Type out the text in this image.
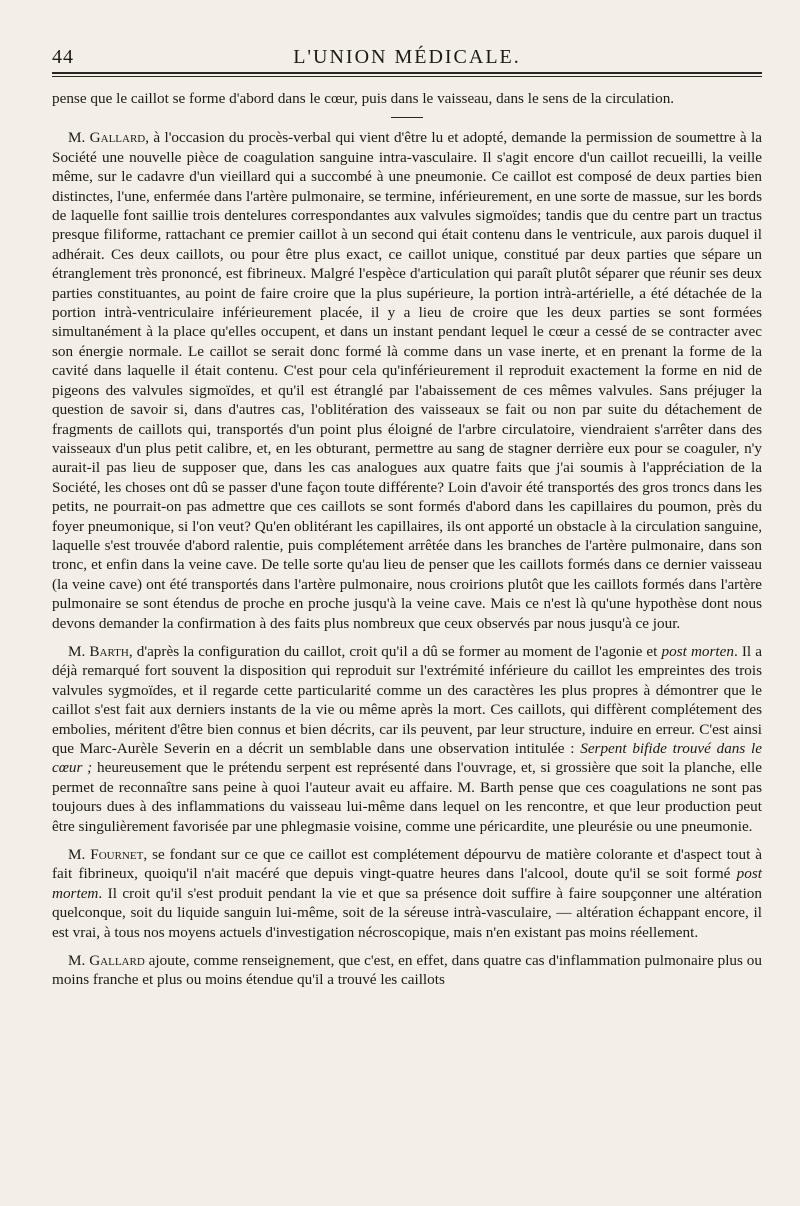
44	L'UNION MÉDICALE.

pense que le caillot se forme d'abord dans le cœur, puis dans le vaisseau, dans le sens de la circulation.

M. Gallard, à l'occasion du procès-verbal qui vient d'être lu et adopté, demande la permission de soumettre à la Société une nouvelle pièce de coagulation sanguine intra-vasculaire. Il s'agit encore d'un caillot recueilli, la veille même, sur le cadavre d'un vieillard qui a succombé à une pneumonie. Ce caillot est composé de deux parties bien distinctes, l'une, enfermée dans l'artère pulmonaire, se termine, inférieurement, en une sorte de massue, sur les bords de laquelle font saillie trois dentelures correspondantes aux valvules sigmoïdes; tandis que du centre part un tractus presque filiforme, rattachant ce premier caillot à un second qui était contenu dans le ventricule, aux parois duquel il adhérait. Ces deux caillots, ou pour être plus exact, ce caillot unique, constitué par deux parties que sépare un étranglement très prononcé, est fibrineux. Malgré l'espèce d'articulation qui paraît plutôt séparer que réunir ses deux parties constituantes, au point de faire croire que la plus supérieure, la portion intrà-artérielle, a été détachée de la portion intrà-ventriculaire inférieurement placée, il y a lieu de croire que les deux parties se sont formées simultanément à la place qu'elles occupent, et dans un instant pendant lequel le cœur a cessé de se contracter avec son énergie normale. Le caillot se serait donc formé là comme dans un vase inerte, et en prenant la forme de la cavité dans laquelle il était contenu. C'est pour cela qu'inférieurement il reproduit exactement la forme en nid de pigeons des valvules sigmoïdes, et qu'il est étranglé par l'abaissement de ces mêmes valvules. Sans préjuger la question de savoir si, dans d'autres cas, l'oblitération des vaisseaux se fait ou non par suite du détachement de fragments de caillots qui, transportés d'un point plus éloigné de l'arbre circulatoire, viendraient s'arrêter dans des vaisseaux d'un plus petit calibre, et, en les obturant, permettre au sang de stagner derrière eux pour se coaguler, n'y aurait-il pas lieu de supposer que, dans les cas analogues aux quatre faits que j'ai soumis à l'appréciation de la Société, les choses ont dû se passer d'une façon toute différente? Loin d'avoir été transportés des gros troncs dans les petits, ne pourrait-on pas admettre que ces caillots se sont formés d'abord dans les capillaires du poumon, près du foyer pneumonique, si l'on veut? Qu'en oblitérant les capillaires, ils ont apporté un obstacle à la circulation sanguine, laquelle s'est trouvée d'abord ralentie, puis complétement arrêtée dans les branches de l'artère pulmonaire, dans son tronc, et enfin dans la veine cave. De telle sorte qu'au lieu de penser que les caillots formés dans ce dernier vaisseau (la veine cave) ont été transportés dans l'artère pulmonaire, nous croirions plutôt que les caillots formés dans l'artère pulmonaire se sont étendus de proche en proche jusqu'à la veine cave. Mais ce n'est là qu'une hypothèse dont nous devons demander la confirmation à des faits plus nombreux que ceux observés par nous jusqu'à ce jour.

M. Barth, d'après la configuration du caillot, croit qu'il a dû se former au moment de l'agonie et post morten. Il a déjà remarqué fort souvent la disposition qui reproduit sur l'extrémité inférieure du caillot les empreintes des trois valvules sygmoïdes, et il regarde cette particularité comme un des caractères les plus propres à démontrer que le caillot s'est fait aux derniers instants de la vie ou même après la mort. Ces caillots, qui diffèrent complétement des embolies, méritent d'être bien connus et bien décrits, car ils peuvent, par leur structure, induire en erreur. C'est ainsi que Marc-Aurèle Severin en a décrit un semblable dans une observation intitulée : Serpent bifide trouvé dans le cœur ; heureusement que le prétendu serpent est représenté dans l'ouvrage, et, si grossière que soit la planche, elle permet de reconnaître sans peine à quoi l'auteur avait eu affaire. M. Barth pense que ces coagulations ne sont pas toujours dues à des inflammations du vaisseau lui-même dans lequel on les rencontre, et que leur production peut être singulièrement favorisée par une phlegmasie voisine, comme une péricardite, une pleurésie ou une pneumonie.

M. Fournet, se fondant sur ce que ce caillot est complétement dépourvu de matière colorante et d'aspect tout à fait fibrineux, quoiqu'il n'ait macéré que depuis vingt-quatre heures dans l'alcool, doute qu'il se soit formé post mortem. Il croit qu'il s'est produit pendant la vie et que sa présence doit suffire à faire soupçonner une altération quelconque, soit du liquide sanguin lui-même, soit de la séreuse intrà-vasculaire, — altération échappant encore, il est vrai, à tous nos moyens actuels d'investigation nécroscopique, mais n'en existant pas moins réellement.

M. Gallard ajoute, comme renseignement, que c'est, en effet, dans quatre cas d'inflammation pulmonaire plus ou moins franche et plus ou moins étendue qu'il a trouvé les caillots
